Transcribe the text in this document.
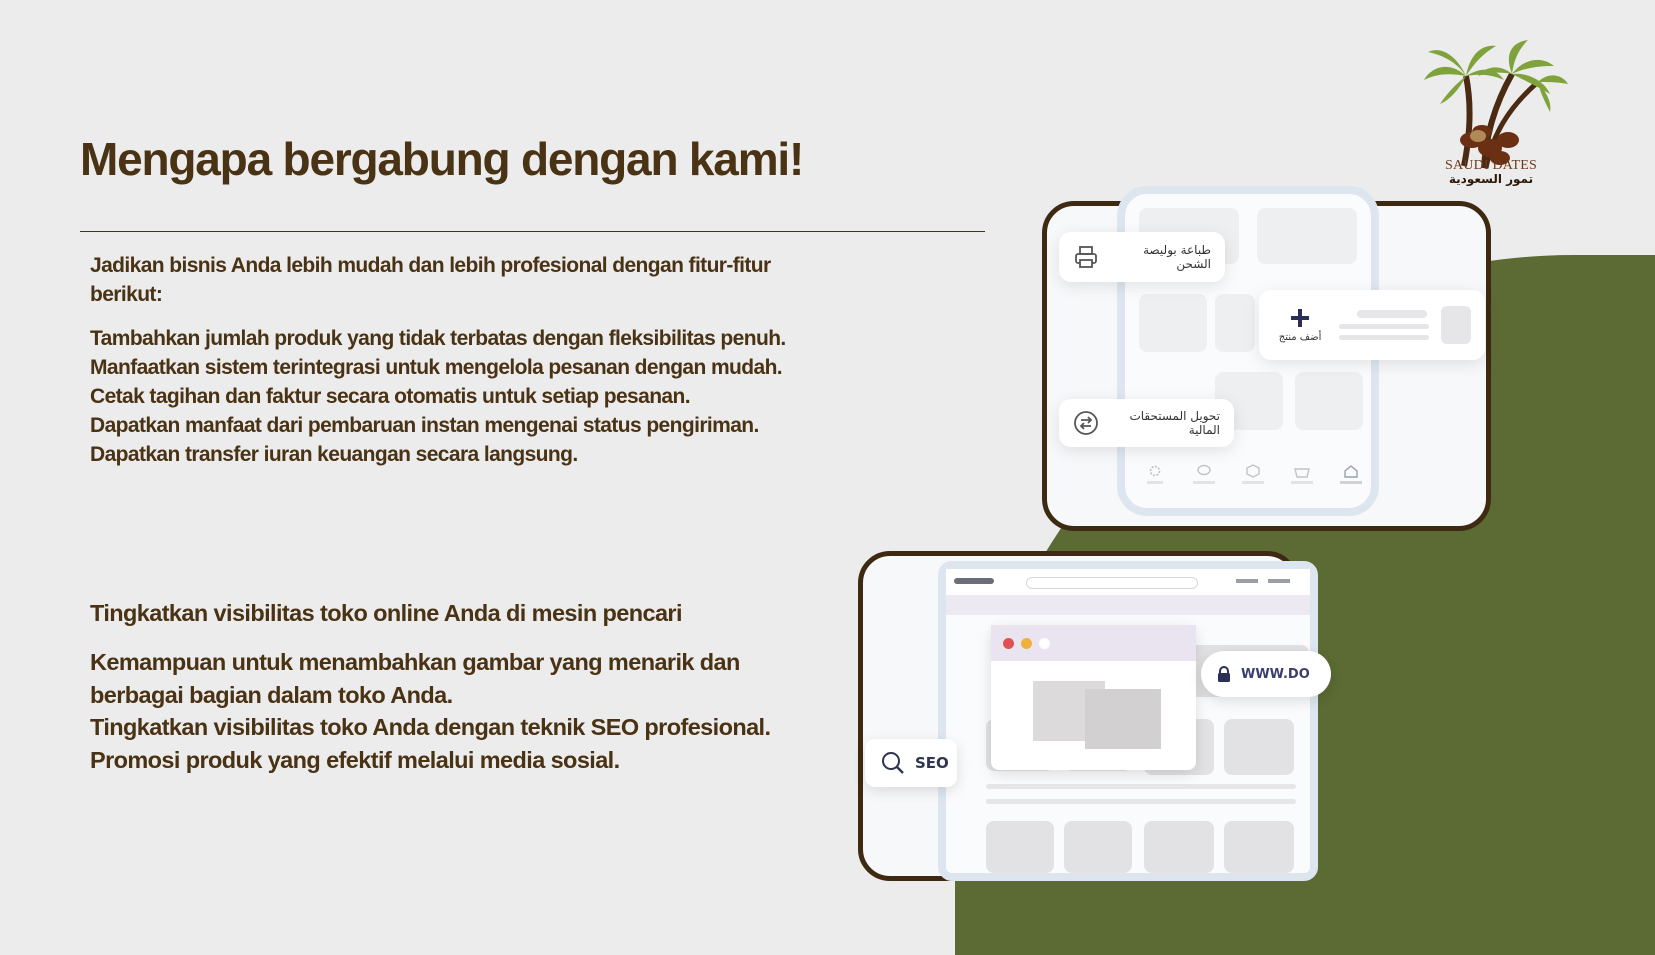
Mengapa bergabung dengan kami!

Jadikan bisnis Anda lebih mudah dan lebih profesional dengan fitur-fitur berikut:

Tambahkan jumlah produk yang tidak terbatas dengan fleksibilitas penuh.
Manfaatkan sistem terintegrasi untuk mengelola pesanan dengan mudah.
Cetak tagihan dan faktur secara otomatis untuk setiap pesanan.
Dapatkan manfaat dari pembaruan instan mengenai status pengiriman.
Dapatkan transfer iuran keuangan secara langsung.

Tingkatkan visibilitas toko online Anda di mesin pencari

Kemampuan untuk menambahkan gambar yang menarik dan berbagai bagian dalam toko Anda.
Tingkatkan visibilitas toko Anda dengan teknik SEO profesional.
Promosi produk yang efektif melalui media sosial.
SAUDI DATES
تمور السعودية
طباعة بوليصة الشحن
أضف منتج
تحويل المستحقات المالية
WWW.DO
SEO
